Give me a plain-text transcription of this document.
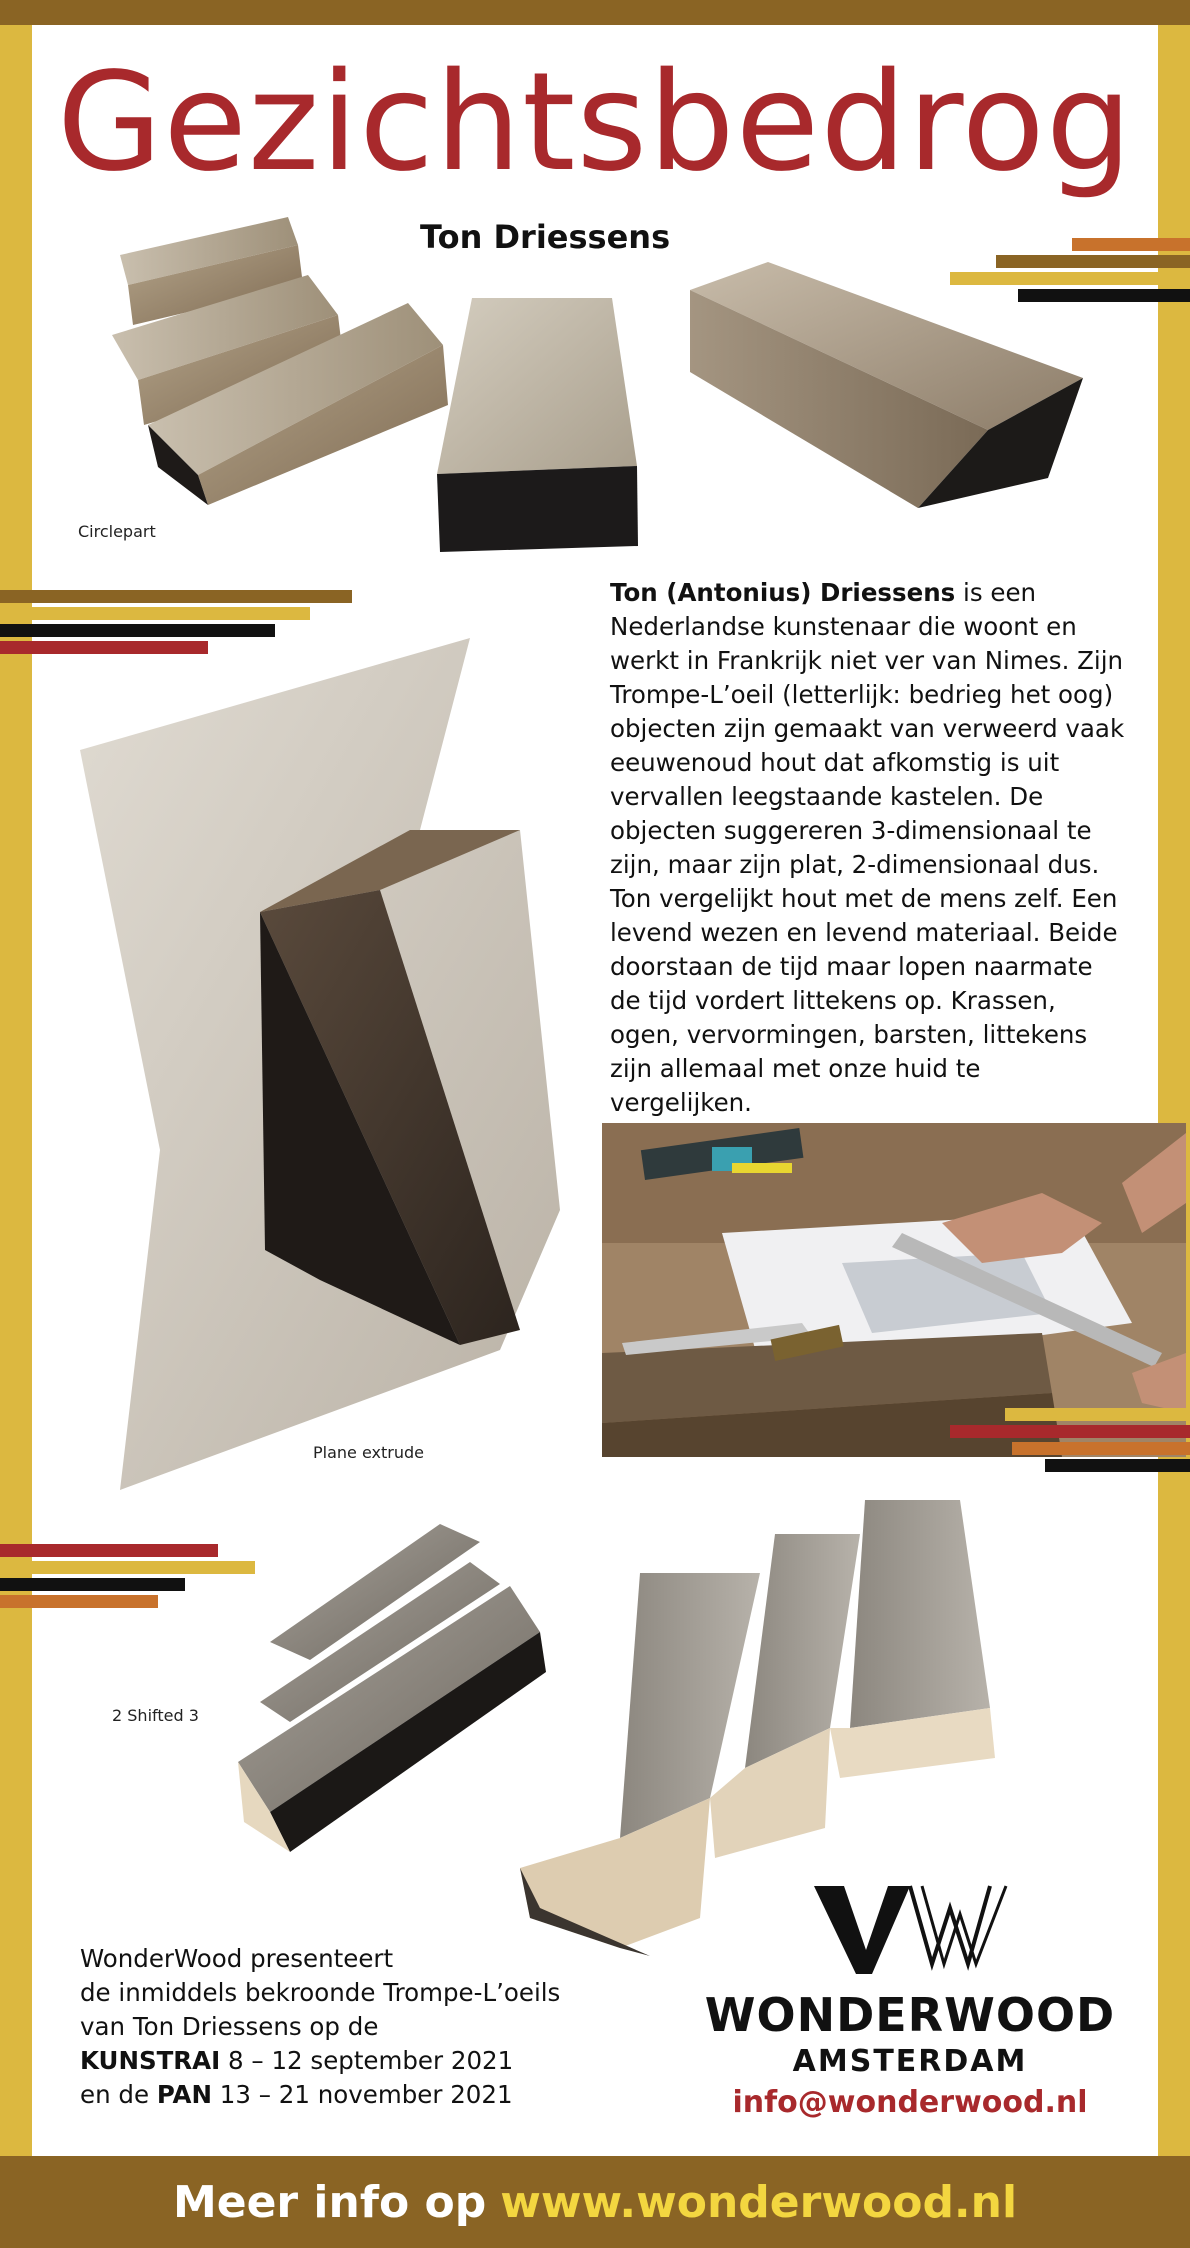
Gezichtsbedrog
Ton Driessens
Circlepart
Ton (Antonius) Driessens is een Nederlandse kunstenaar die woont en werkt in Frankrijk niet ver van Nimes. Zijn Trompe-L’oeil (letterlijk: bedrieg het oog) objecten zijn gemaakt van verweerd vaak eeuwenoud hout dat afkomstig is uit vervallen leegstaande kastelen. De objecten suggereren 3-dimensionaal te zijn, maar zijn plat, 2-dimensionaal dus. Ton vergelijkt hout met de mens zelf. Een levend wezen en levend materiaal. Beide doorstaan de tijd maar lopen naarmate de tijd vordert littekens op. Krassen, ogen, vervormingen, barsten, littekens zijn allemaal met onze huid te vergelijken.
Plane extrude
2 Shifted 3
WonderWood presenteert
de inmiddels bekroonde Trompe-L’oeils
van Ton Driessens op de
KUNSTRAI 8 – 12 september 2021
en de PAN 13 – 21 november 2021
WONDERWOOD
AMSTERDAM
info@wonderwood.nl
Meer info op www.wonderwood.nl
